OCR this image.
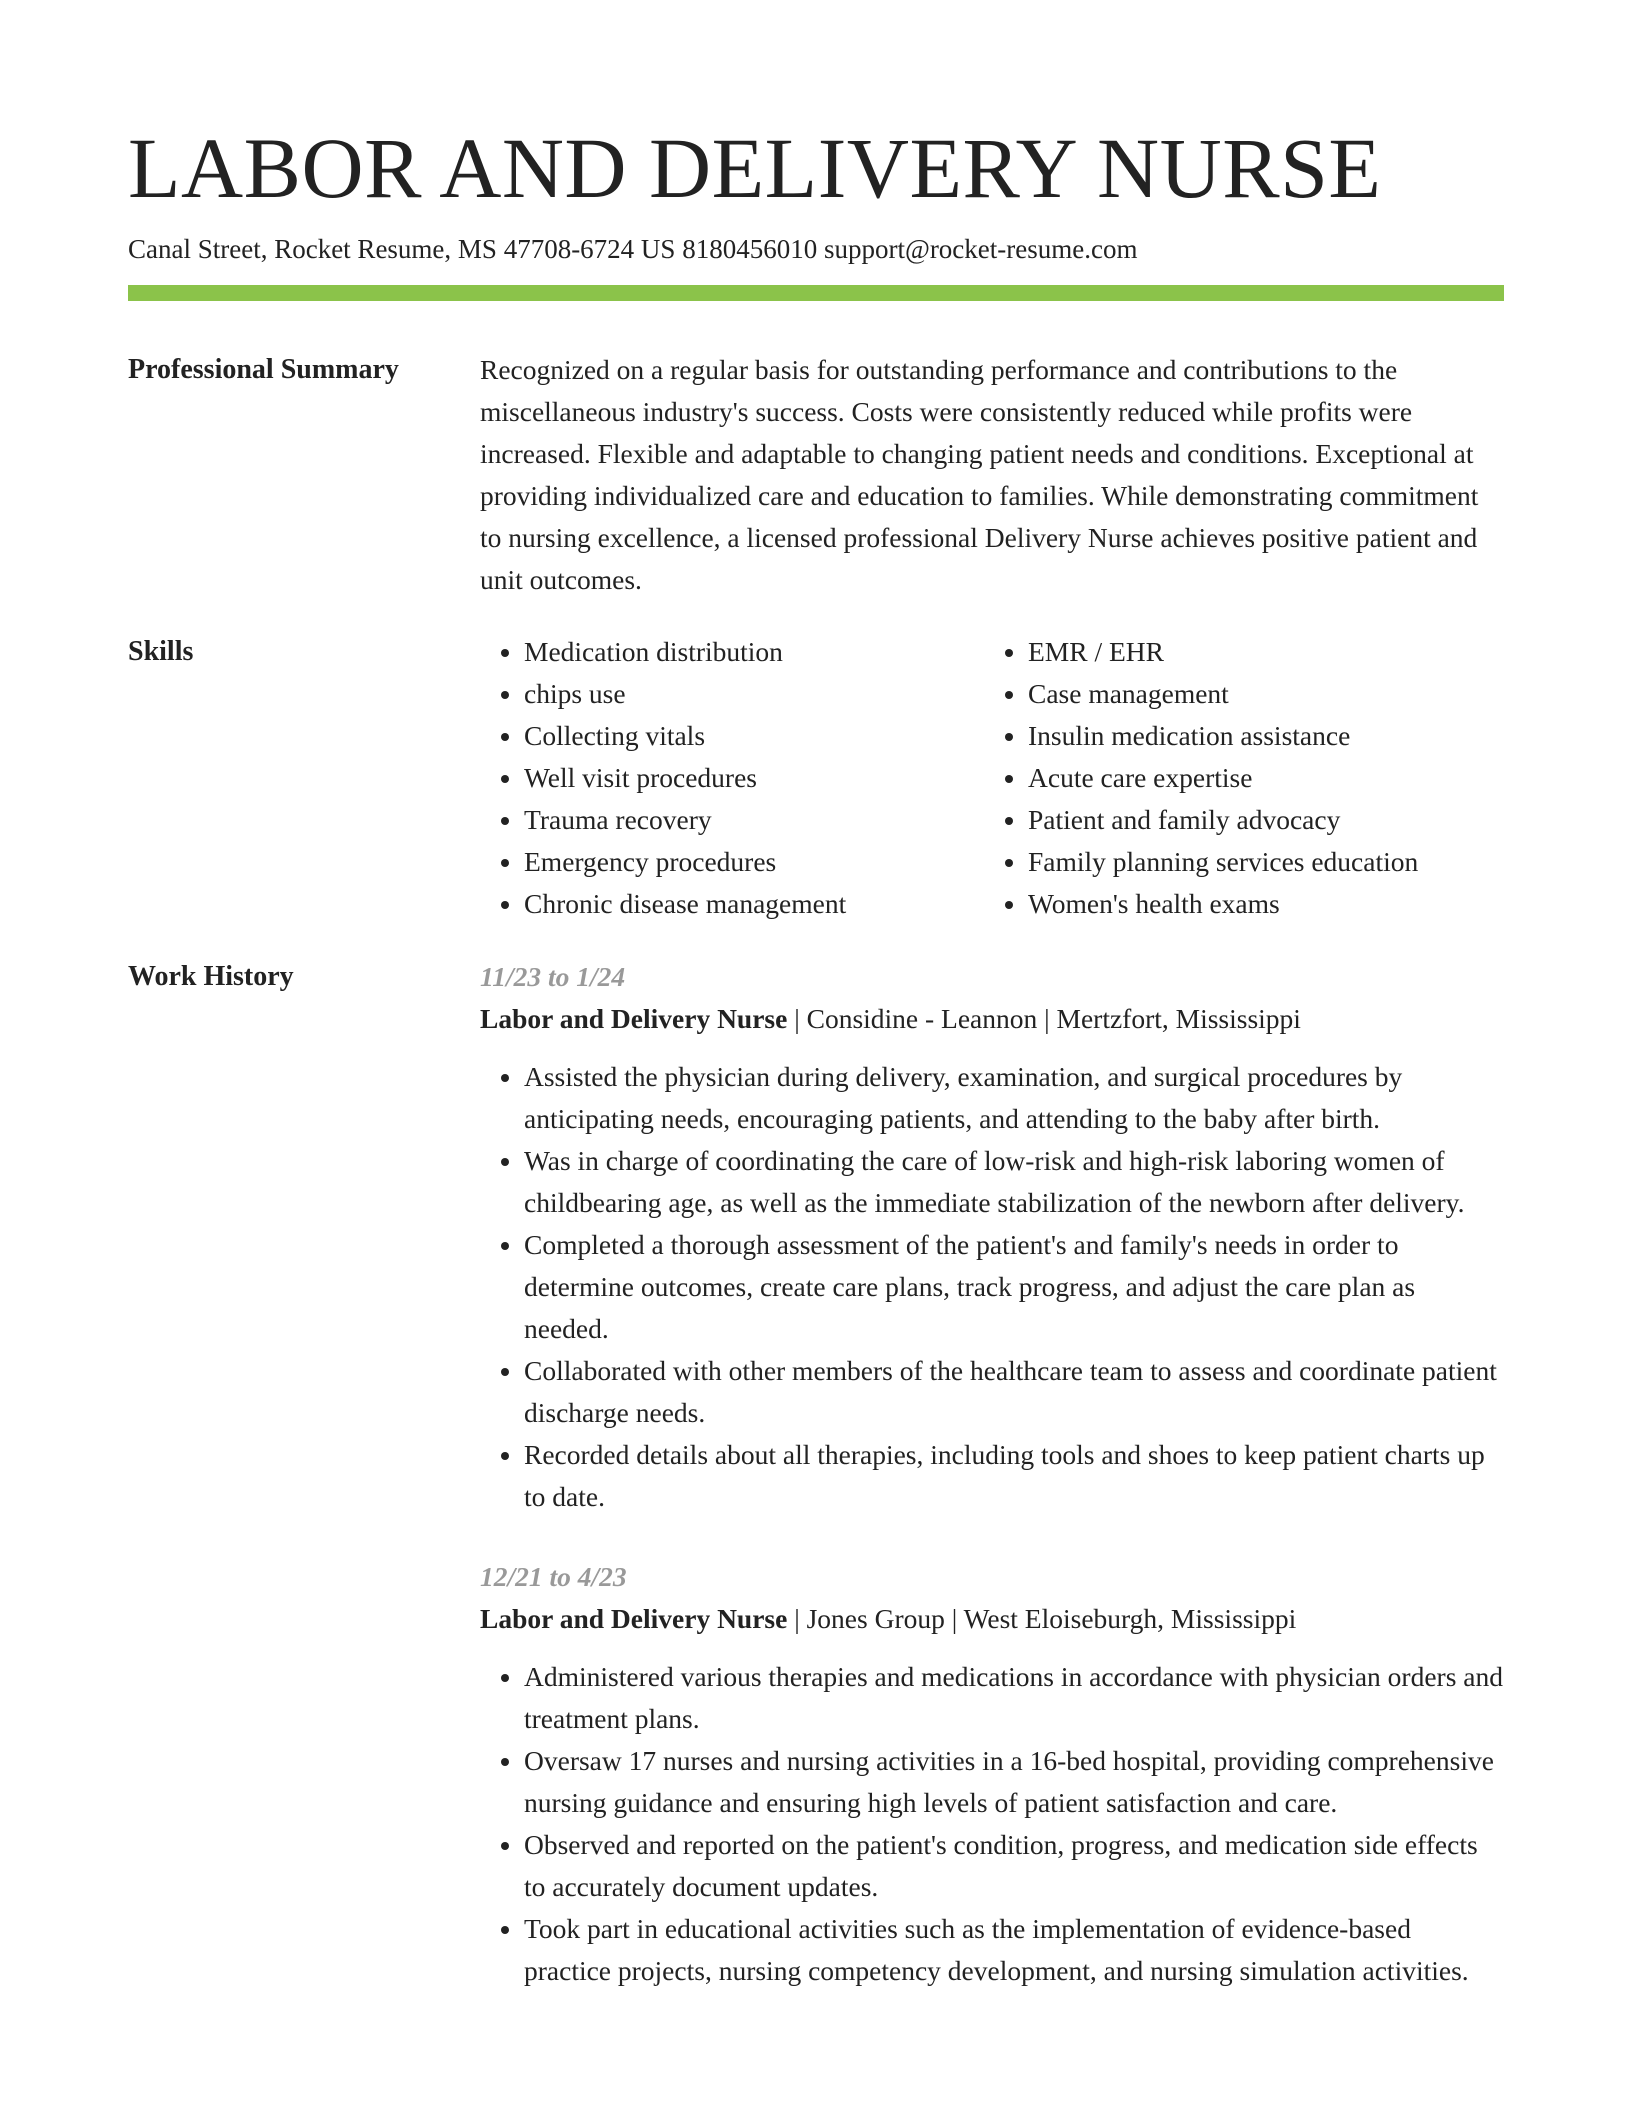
LABOR AND DELIVERY NURSE
Canal Street, Rocket Resume, MS 47708-6724 US 8180456010 support@rocket-resume.com
Professional Summary	Recognized on a regular basis for outstanding performance and contributions to the miscellaneous industry's success. Costs were consistently reduced while profits were increased. Flexible and adaptable to changing patient needs and conditions. Exceptional at providing individualized care and education to families. While demonstrating commitment to nursing excellence, a licensed professional Delivery Nurse achieves positive patient and unit outcomes.

Skills
•	Medication distribution
• chips use
• Collecting vitals
• Well visit procedures
• Trauma recovery
• Emergency procedures
• Chronic disease management
• EMR / EHR
• Case management
• Insulin medication assistance
• Acute care expertise
• Patient and family advocacy
• Family planning services education
• Women's health exams
Work History	11/23 to 1/24
Labor and Delivery Nurse | Considine - Leannon | Mertzfort, Mississippi
• Assisted the physician during delivery, examination, and surgical procedures by anticipating needs, encouraging patients, and attending to the baby after birth.
• Was in charge of coordinating the care of low-risk and high-risk laboring women of childbearing age, as well as the immediate stabilization of the newborn after delivery.
• Completed a thorough assessment of the patient's and family's needs in order to determine outcomes, create care plans, track progress, and adjust the care plan as needed.
• Collaborated with other members of the healthcare team to assess and coordinate patient discharge needs.
• Recorded details about all therapies, including tools and shoes to keep patient charts up to date.
12/21 to 4/23
Labor and Delivery Nurse | Jones Group | West Eloiseburgh, Mississippi
• Administered various therapies and medications in accordance with physician orders and treatment plans.
• Oversaw 17 nurses and nursing activities in a 16-bed hospital, providing comprehensive nursing guidance and ensuring high levels of patient satisfaction and care.
• Observed and reported on the patient's condition, progress, and medication side effects to accurately document updates.
• Took part in educational activities such as the implementation of evidence-based practice projects, nursing competency development, and nursing simulation activities.
